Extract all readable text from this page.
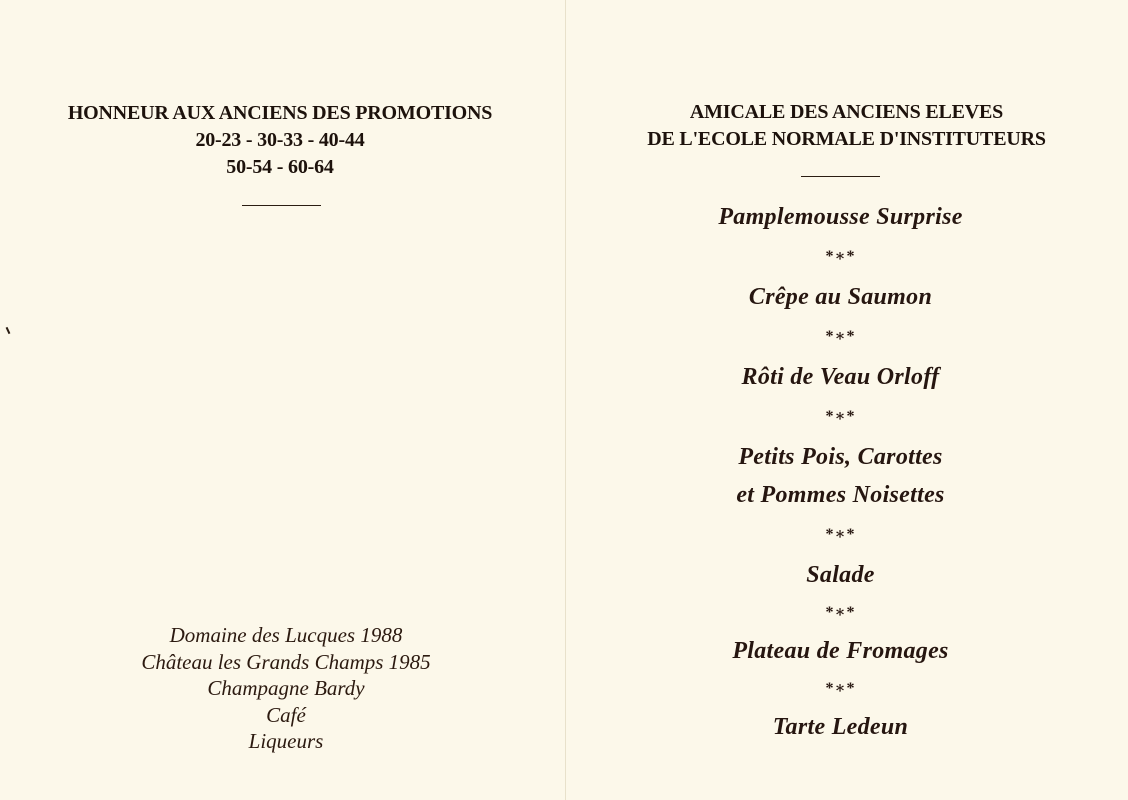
HONNEUR AUX ANCIENS DES PROMOTIONS
20-23 - 30-33 - 40-44
50-54 - 60-64
Domaine des Lucques 1988
Château les Grands Champs 1985
Champagne Bardy
Café
Liqueurs
AMICALE DES ANCIENS ELEVES
DE L'ECOLE NORMALE D'INSTITUTEURS
Pamplemousse Surprise
*∗*
Crêpe au Saumon
*∗*
Rôti de Veau Orloff
*∗*
Petits Pois, Carottes
et Pommes Noisettes
*∗*
Salade
*∗*
Plateau de Fromages
*∗*
Tarte Ledeun
